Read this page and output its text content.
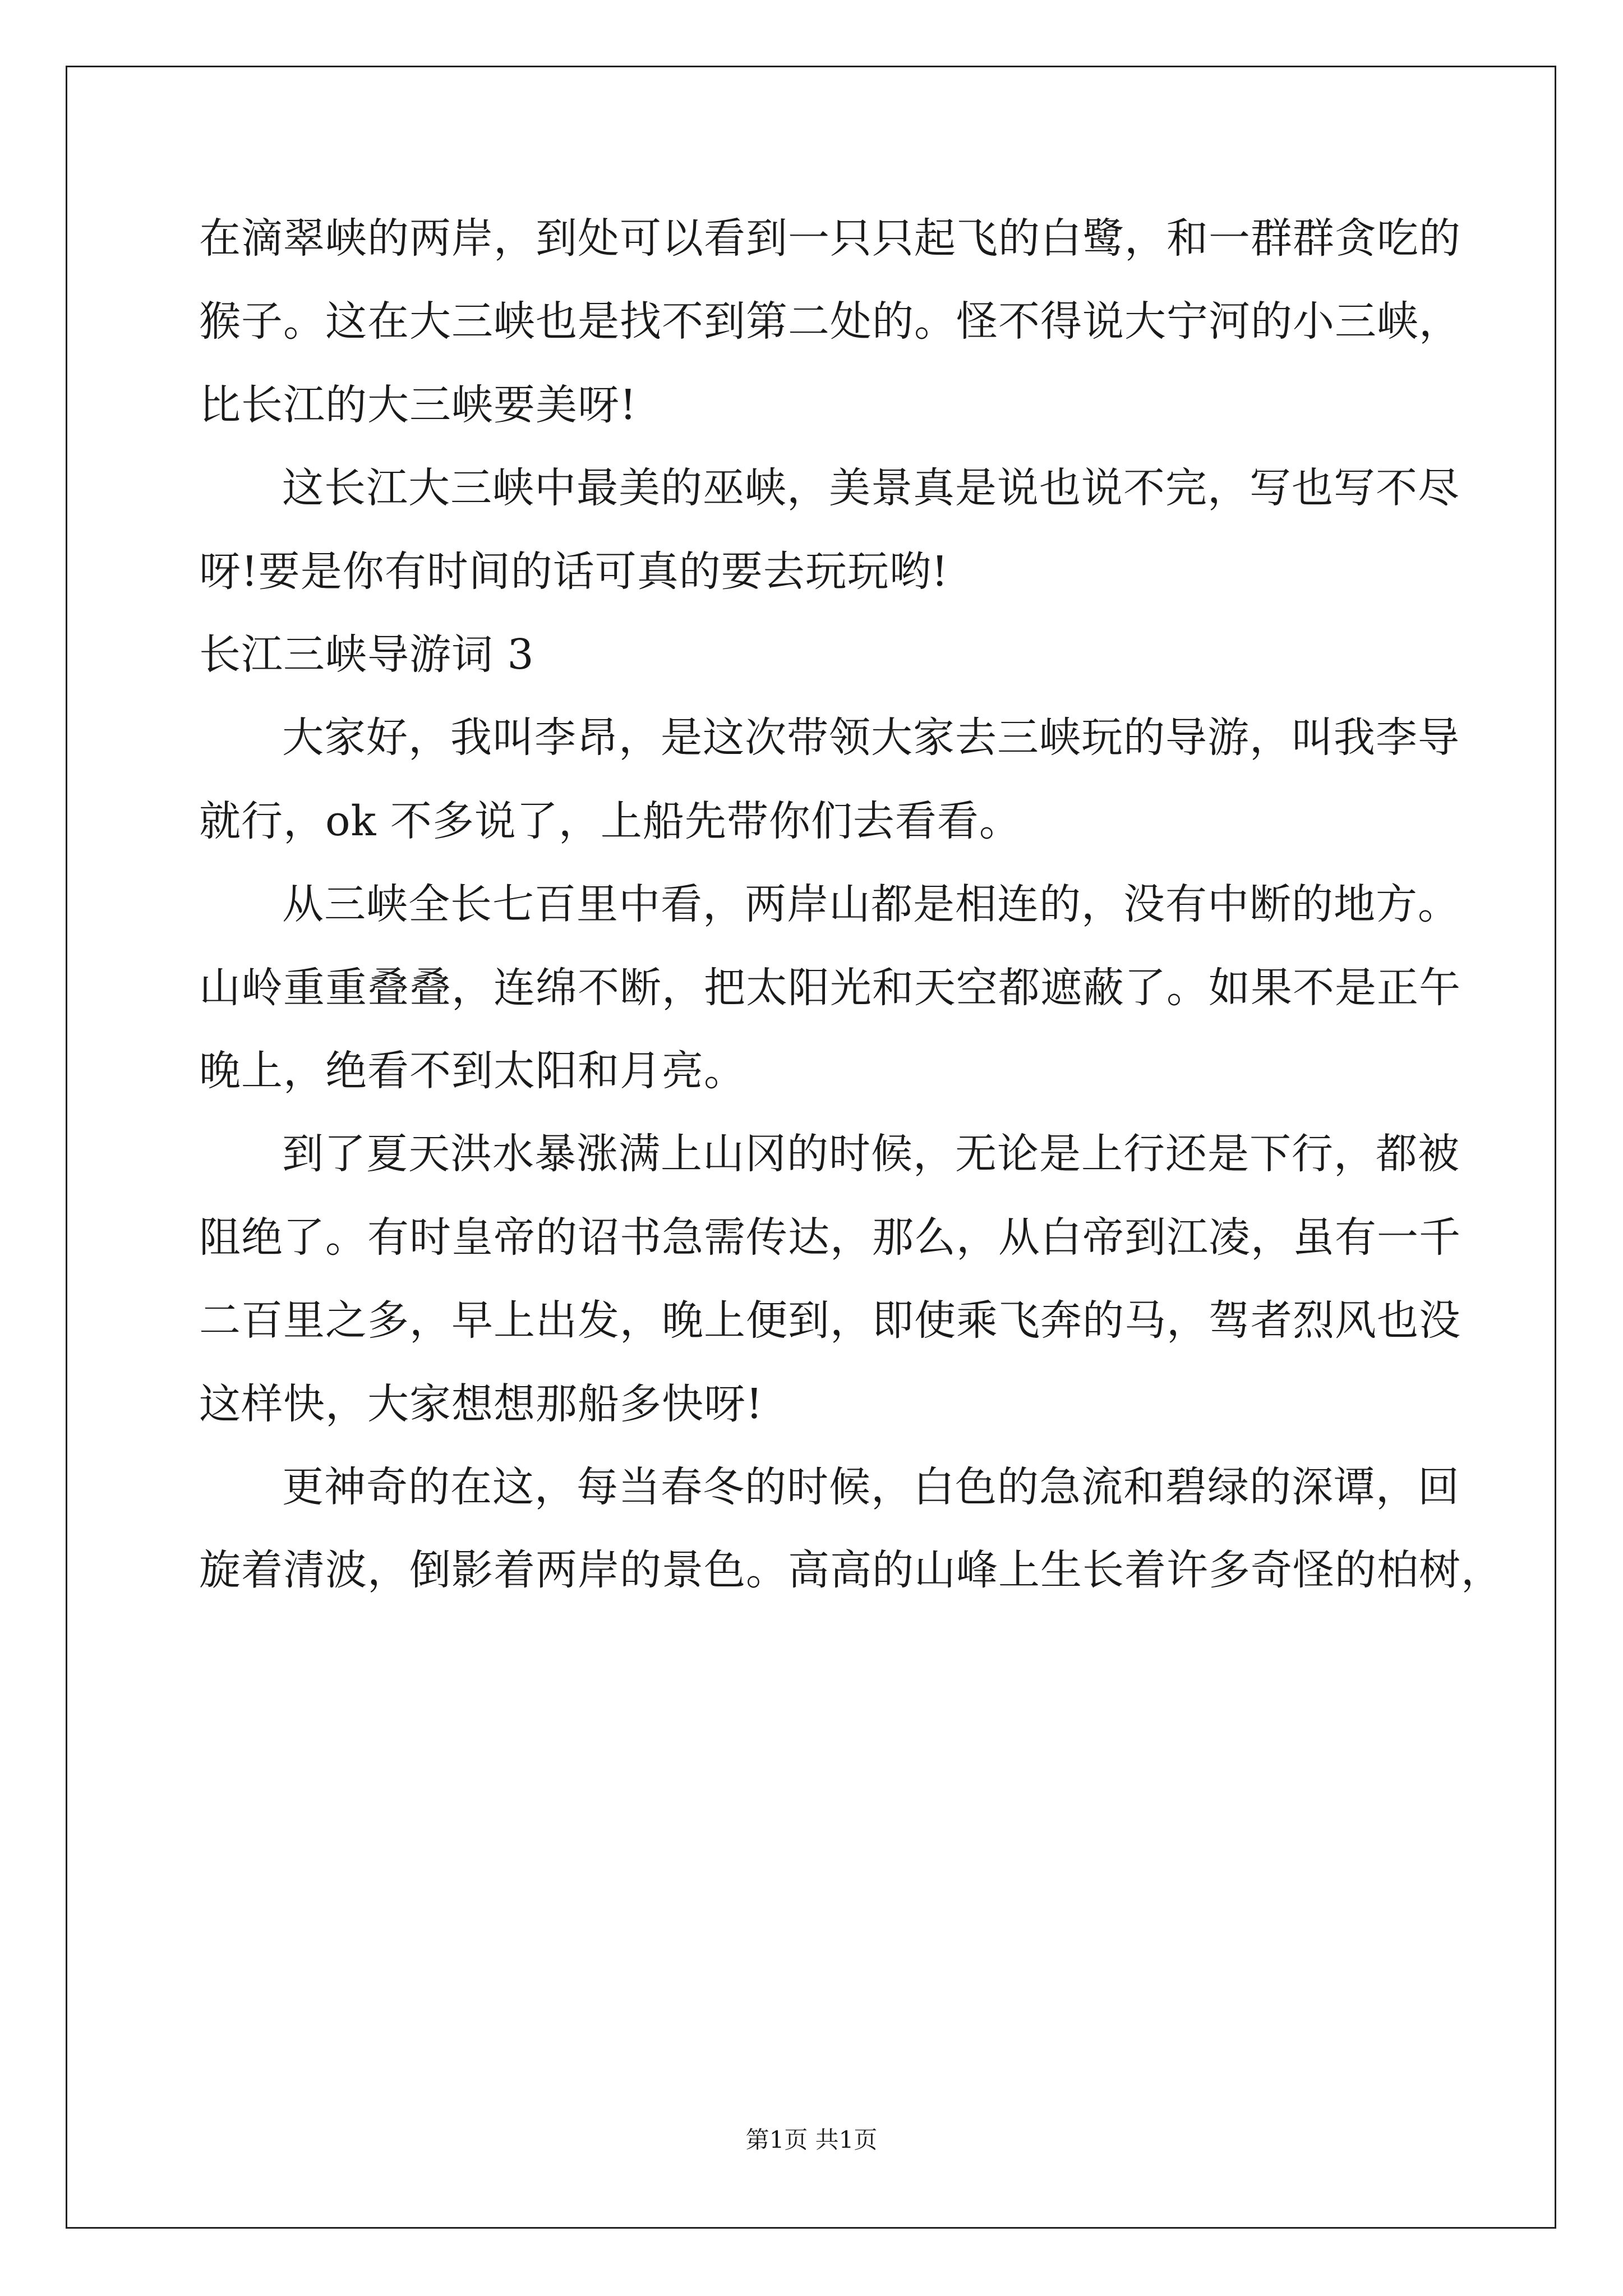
在滴翠峡的两岸，到处可以看到一只只起飞的白鹭，和一群群贪吃的
猴子。这在大三峡也是找不到第二处的。怪不得说大宁河的小三峡，
比长江的大三峡要美呀!
这长江大三峡中最美的巫峡，美景真是说也说不完，写也写不尽
呀!要是你有时间的话可真的要去玩玩哟!
长江三峡导游词 3
大家好，我叫李昂，是这次带领大家去三峡玩的导游，叫我李导
就行，ok 不多说了，上船先带你们去看看。
从三峡全长七百里中看，两岸山都是相连的，没有中断的地方。
山岭重重叠叠，连绵不断，把太阳光和天空都遮蔽了。如果不是正午
晚上，绝看不到太阳和月亮。
到了夏天洪水暴涨满上山冈的时候，无论是上行还是下行，都被
阻绝了。有时皇帝的诏书急需传达，那么，从白帝到江凌，虽有一千
二百里之多，早上出发，晚上便到，即使乘飞奔的马，驾者烈风也没
这样快，大家想想那船多快呀!
更神奇的在这，每当春冬的时候，白色的急流和碧绿的深谭，回
旋着清波，倒影着两岸的景色。高高的山峰上生长着许多奇怪的柏树，
第1页 共1页
